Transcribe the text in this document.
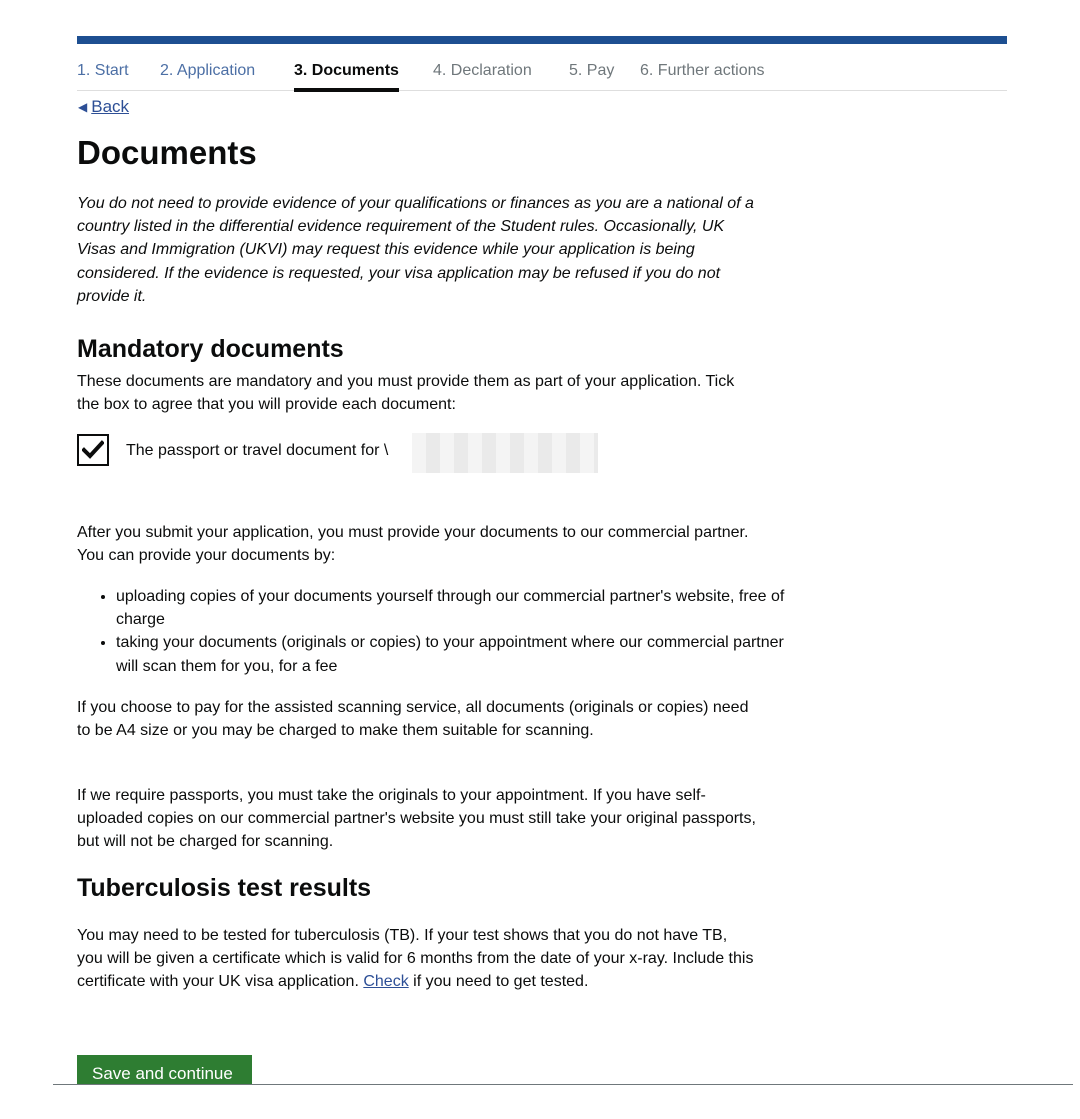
1. Start 2. Application 3. Documents 4. Declaration 5. Pay 6. Further actions
◀ Back
Documents

You do not need to provide evidence of your qualifications or finances as you are a national of a country listed in the differential evidence requirement of the Student rules. Occasionally, UK Visas and Immigration (UKVI) may request this evidence while your application is being considered. If the evidence is requested, your visa application may be refused if you do not provide it.

Mandatory documents

These documents are mandatory and you must provide them as part of your application. Tick the box to agree that you will provide each document:

The passport or travel document for \

After you submit your application, you must provide your documents to our commercial partner. You can provide your documents by:

• uploading copies of your documents yourself through our commercial partner's website, free of charge
• taking your documents (originals or copies) to your appointment where our commercial partner will scan them for you, for a fee

If you choose to pay for the assisted scanning service, all documents (originals or copies) need to be A4 size or you may be charged to make them suitable for scanning.

If we require passports, you must take the originals to your appointment. If you have self-uploaded copies on our commercial partner's website you must still take your original passports, but will not be charged for scanning.

Tuberculosis test results

You may need to be tested for tuberculosis (TB). If your test shows that you do not have TB, you will be given a certificate which is valid for 6 months from the date of your x-ray. Include this certificate with your UK visa application. Check if you need to get tested.

Save and continue
